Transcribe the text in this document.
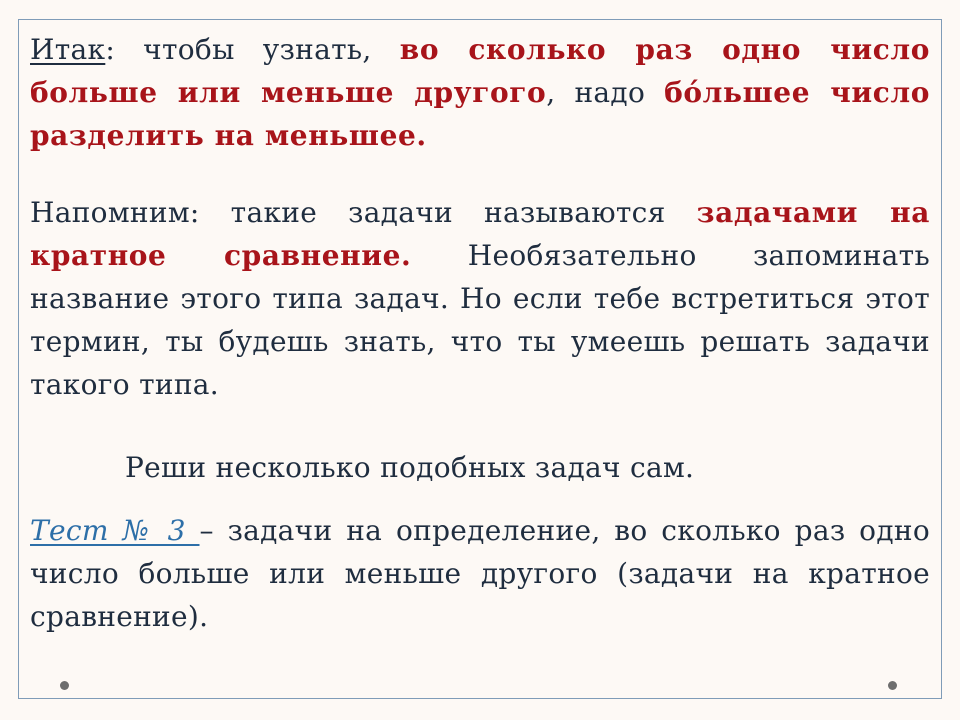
Итак: чтобы узнать, во сколько раз одно число больше или меньше другого, надо бóльшее число разделить на меньшее.

Напомним: такие задачи называются задачами на кратное сравнение. Необязательно запоминать название этого типа задач. Но если тебе встретиться этот термин, ты будешь знать, что ты умеешь решать задачи такого типа.

Реши несколько подобных задач сам.

Тест № 3 – задачи на определение, во сколько раз одно число больше или меньше другого (задачи на кратное сравнение).
